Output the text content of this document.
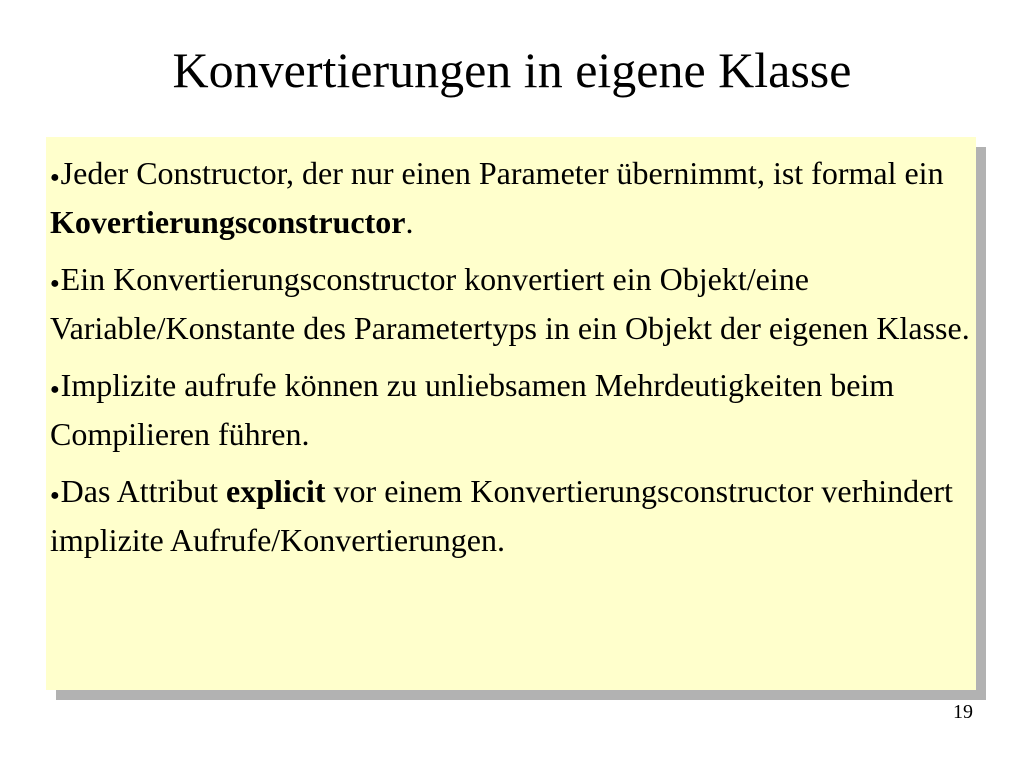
Konvertierungen in eigene Klasse

●Jeder Constructor, der nur einen Parameter übernimmt, ist formal ein Kovertierungsconstructor.

●Ein Konvertierungsconstructor konvertiert ein Objekt/eine Variable/Konstante des Parametertyps in ein Objekt der eigenen Klasse.

●Implizite aufrufe können zu unliebsamen Mehrdeutigkeiten beim Compilieren führen.

●Das Attribut explicit vor einem Konvertierungsconstructor verhindert implizite Aufrufe/Konvertierungen.

19
